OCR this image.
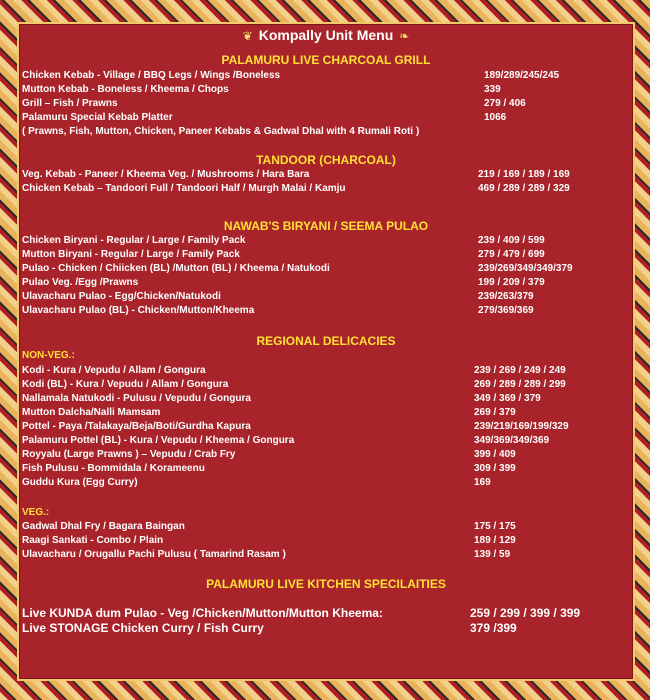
❦ Kompally Unit Menu ❧
PALAMURU LIVE CHARCOAL GRILL
Chicken Kebab - Village / BBQ Legs / Wings /Boneless	189/289/245/245
Mutton Kebab - Boneless / Kheema / Chops	339
Grill – Fish / Prawns	279 / 406
Palamuru Special Kebab Platter	1066
( Prawns, Fish, Mutton, Chicken, Paneer Kebabs & Gadwal Dhal with 4 Rumali Roti )
TANDOOR (CHARCOAL)
Veg. Kebab - Paneer / Kheema Veg. / Mushrooms / Hara Bara	219 / 169 / 189 / 169
Chicken Kebab – Tandoori Full / Tandoori Half / Murgh Malai / Kamju	469 / 289 / 289 / 329
NAWAB'S BIRYANI / SEEMA PULAO
Chicken Biryani - Regular / Large / Family Pack	239 / 409 / 599
Mutton Biryani - Regular / Large / Family Pack	279 / 479 / 699
Pulao - Chicken / Chiicken (BL) /Mutton (BL) / Kheema / Natukodi	239/269/349/349/379
Pulao Veg. /Egg /Prawns	199 / 209 / 379
Ulavacharu Pulao - Egg/Chicken/Natukodi	239/263/379
Ulavacharu Pulao (BL) - Chicken/Mutton/Kheema	279/369/369
REGIONAL DELICACIES
NON-VEG.:
Kodi - Kura / Vepudu / Allam / Gongura	239 / 269 / 249 / 249
Kodi (BL) - Kura / Vepudu / Allam / Gongura	269 / 289 / 289 / 299
Nallamala Natukodi - Pulusu / Vepudu / Gongura	349 / 369 / 379
Mutton Dalcha/Nalli Mamsam	269 / 379
Pottel - Paya /Talakaya/Beja/Boti/Gurdha Kapura	239/219/169/199/329
Palamuru Pottel (BL) - Kura / Vepudu / Kheema / Gongura	349/369/349/369
Royyalu (Large Prawns ) – Vepudu / Crab Fry	399 / 409
Fish Pulusu - Bommidala / Korameenu	309 / 399
Guddu Kura (Egg Curry)	169
VEG.:
Gadwal Dhal Fry / Bagara Baingan	175 / 175
Raagi Sankati - Combo / Plain	189 / 129
Ulavacharu / Orugallu Pachi Pulusu ( Tamarind Rasam )	139 / 59
PALAMURU LIVE KITCHEN SPECILAITIES
Live KUNDA dum Pulao - Veg /Chicken/Mutton/Mutton Kheema:	259 / 299 / 399 / 399
Live STONAGE Chicken Curry / Fish Curry	379 /399
